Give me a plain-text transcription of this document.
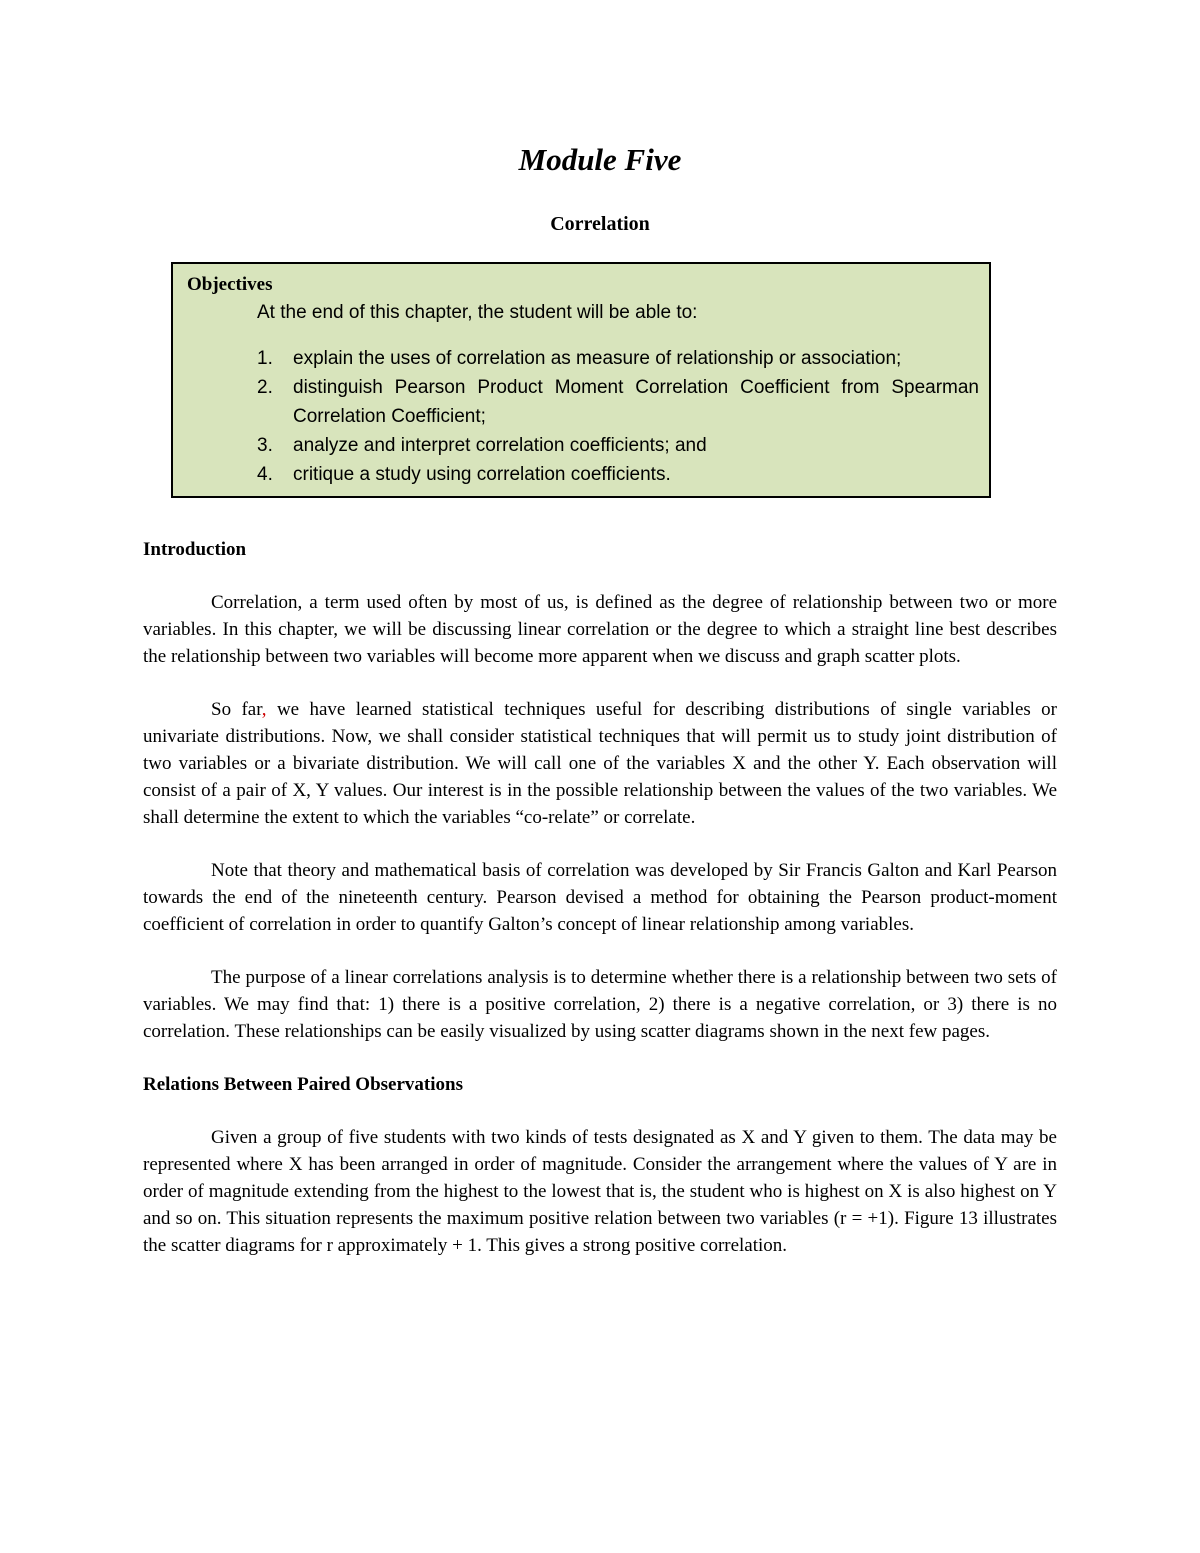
Module Five
Correlation
Objectives
At the end of this chapter, the student will be able to:
1.	explain the uses of correlation as measure of relationship or association;
2.	distinguish Pearson Product Moment Correlation Coefficient from Spearman Correlation Coefficient;
3.	analyze and interpret correlation coefficients; and
4.	critique a study using correlation coefficients.
Introduction

Correlation, a term used often by most of us, is defined as the degree of relationship between two or more variables. In this chapter, we will be discussing linear correlation or the degree to which a straight line best describes the relationship between two variables will become more apparent when we discuss and graph scatter plots.

So far, we have learned statistical techniques useful for describing distributions of single variables or univariate distributions. Now, we shall consider statistical techniques that will permit us to study joint distribution of two variables or a bivariate distribution. We will call one of the variables X and the other Y. Each observation will consist of a pair of X, Y values. Our interest is in the possible relationship between the values of the two variables. We shall determine the extent to which the variables “co-relate” or correlate.

Note that theory and mathematical basis of correlation was developed by Sir Francis Galton and Karl Pearson towards the end of the nineteenth century. Pearson devised a method for obtaining the Pearson product-moment coefficient of correlation in order to quantify Galton’s concept of linear relationship among variables.

The purpose of a linear correlations analysis is to determine whether there is a relationship between two sets of variables. We may find that: 1) there is a positive correlation, 2) there is a negative correlation, or 3) there is no correlation. These relationships can be easily visualized by using scatter diagrams shown in the next few pages.

Relations Between Paired Observations

Given a group of five students with two kinds of tests designated as X and Y given to them. The data may be represented where X has been arranged in order of magnitude. Consider the arrangement where the values of Y are in order of magnitude extending from the highest to the lowest that is, the student who is highest on X is also highest on Y and so on. This situation represents the maximum positive relation between two variables (r = +1). Figure 13 illustrates the scatter diagrams for r approximately + 1. This gives a strong positive correlation.
